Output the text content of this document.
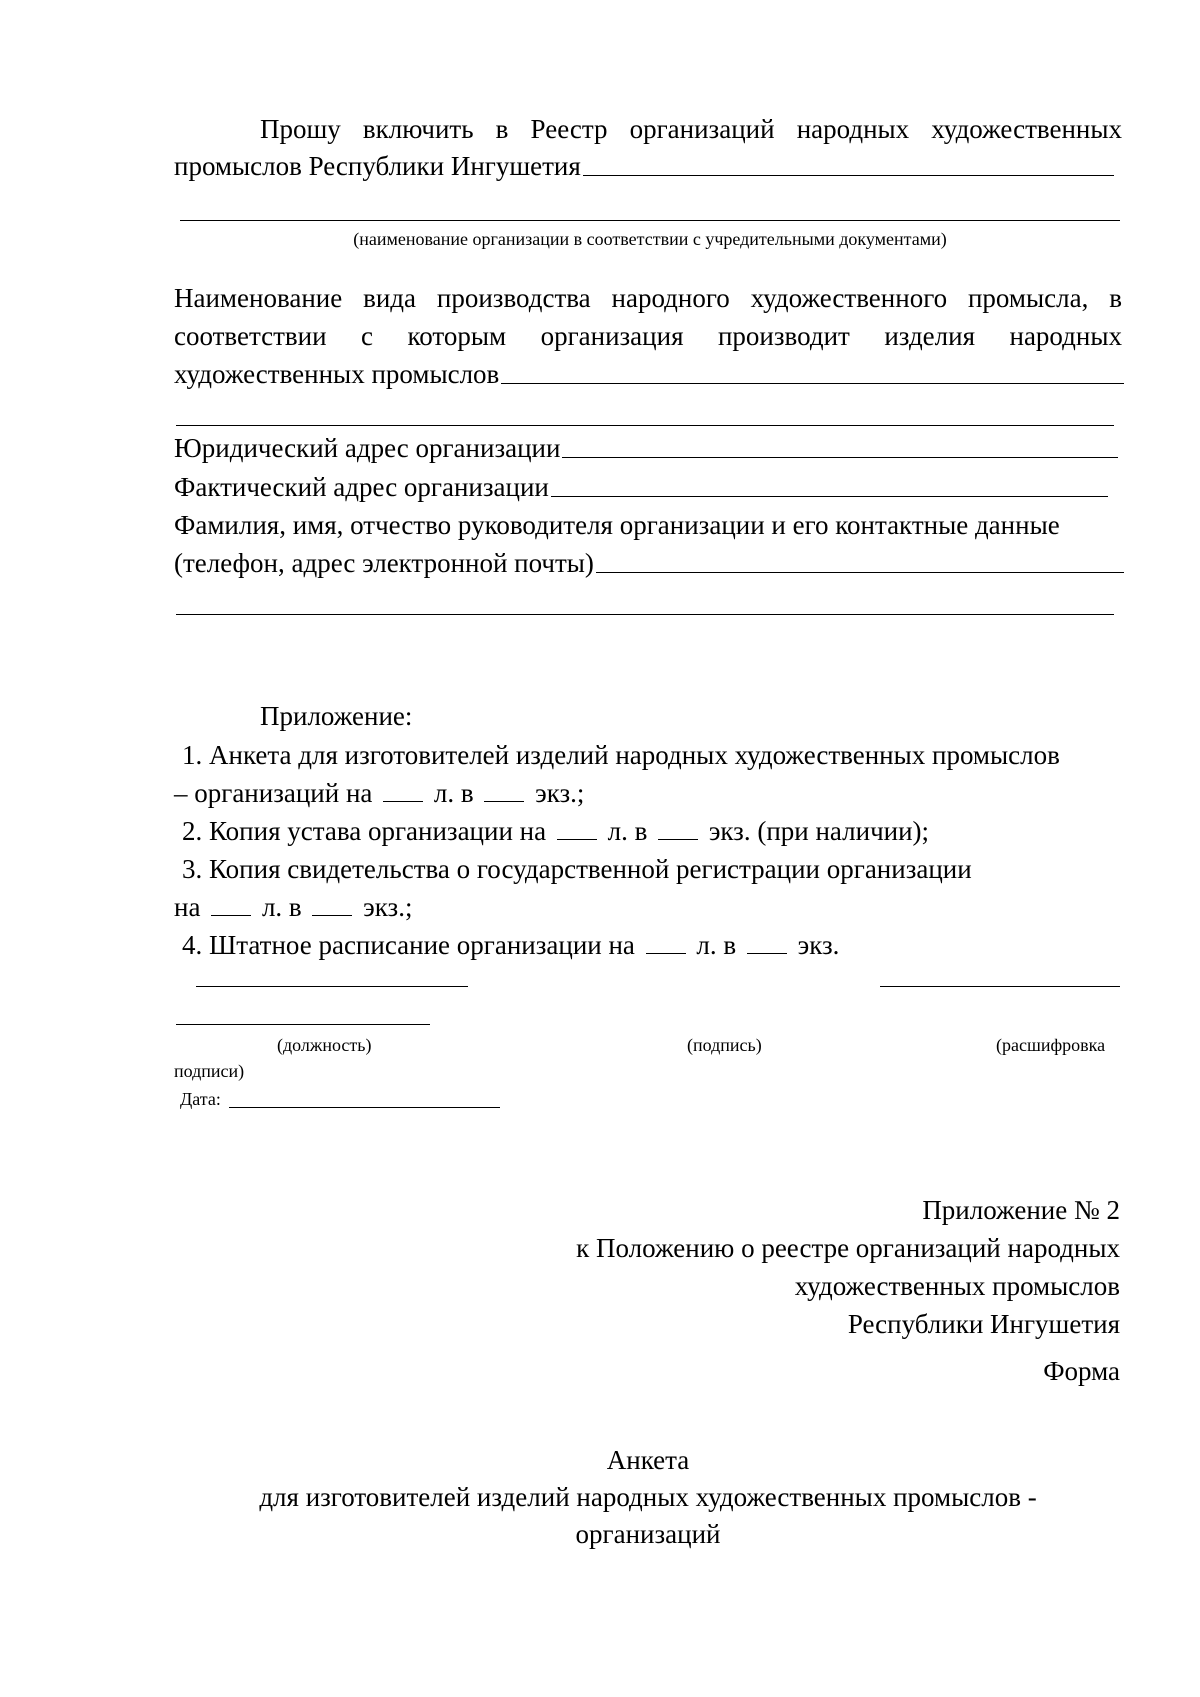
Прошу включить в Реестр организаций народных художественных
промыслов Республики Ингушетия
(наименование организации в соответствии с учредительными документами)
Наименование вида производства народного художественного промысла, в
соответствии с которым организация производит изделия народных
художественных промыслов
Юридический адрес организации
Фактический адрес организации
Фамилия, имя, отчество руководителя организации и его контактные данные
(телефон, адрес электронной почты)
Приложение:
1. Анкета для изготовителей изделий народных художественных промыслов
– организаций на л. в экз.;
2. Копия устава организации на л. в экз. (при наличии);
3. Копия свидетельства о государственной регистрации организации
на л. в экз.;
4. Штатное расписание организации на л. в экз.
(должность)	(подпись)	(расшифровка
подписи)
Дата:
Приложение № 2
к Положению о реестре организаций народных
художественных промыслов
Республики Ингушетия
Форма
Анкета
для изготовителей изделий народных художественных промыслов -
организаций
